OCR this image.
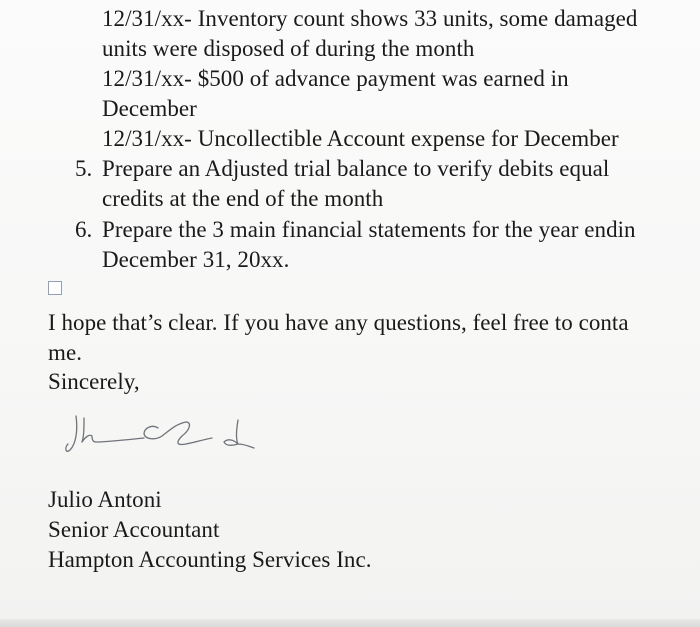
12/31/xx- Inventory count shows 33 units, some damaged
units were disposed of during the month
12/31/xx- $500 of advance payment was earned in
December
12/31/xx- Uncollectible Account expense for December
5. Prepare an Adjusted trial balance to verify debits equal
credits at the end of the month
6. Prepare the 3 main financial statements for the year endin
December 31, 20xx.
I hope that’s clear. If you have any questions, feel free to conta
me.
Sincerely,
Julio Antoni
Senior Accountant
Hampton Accounting Services Inc.
